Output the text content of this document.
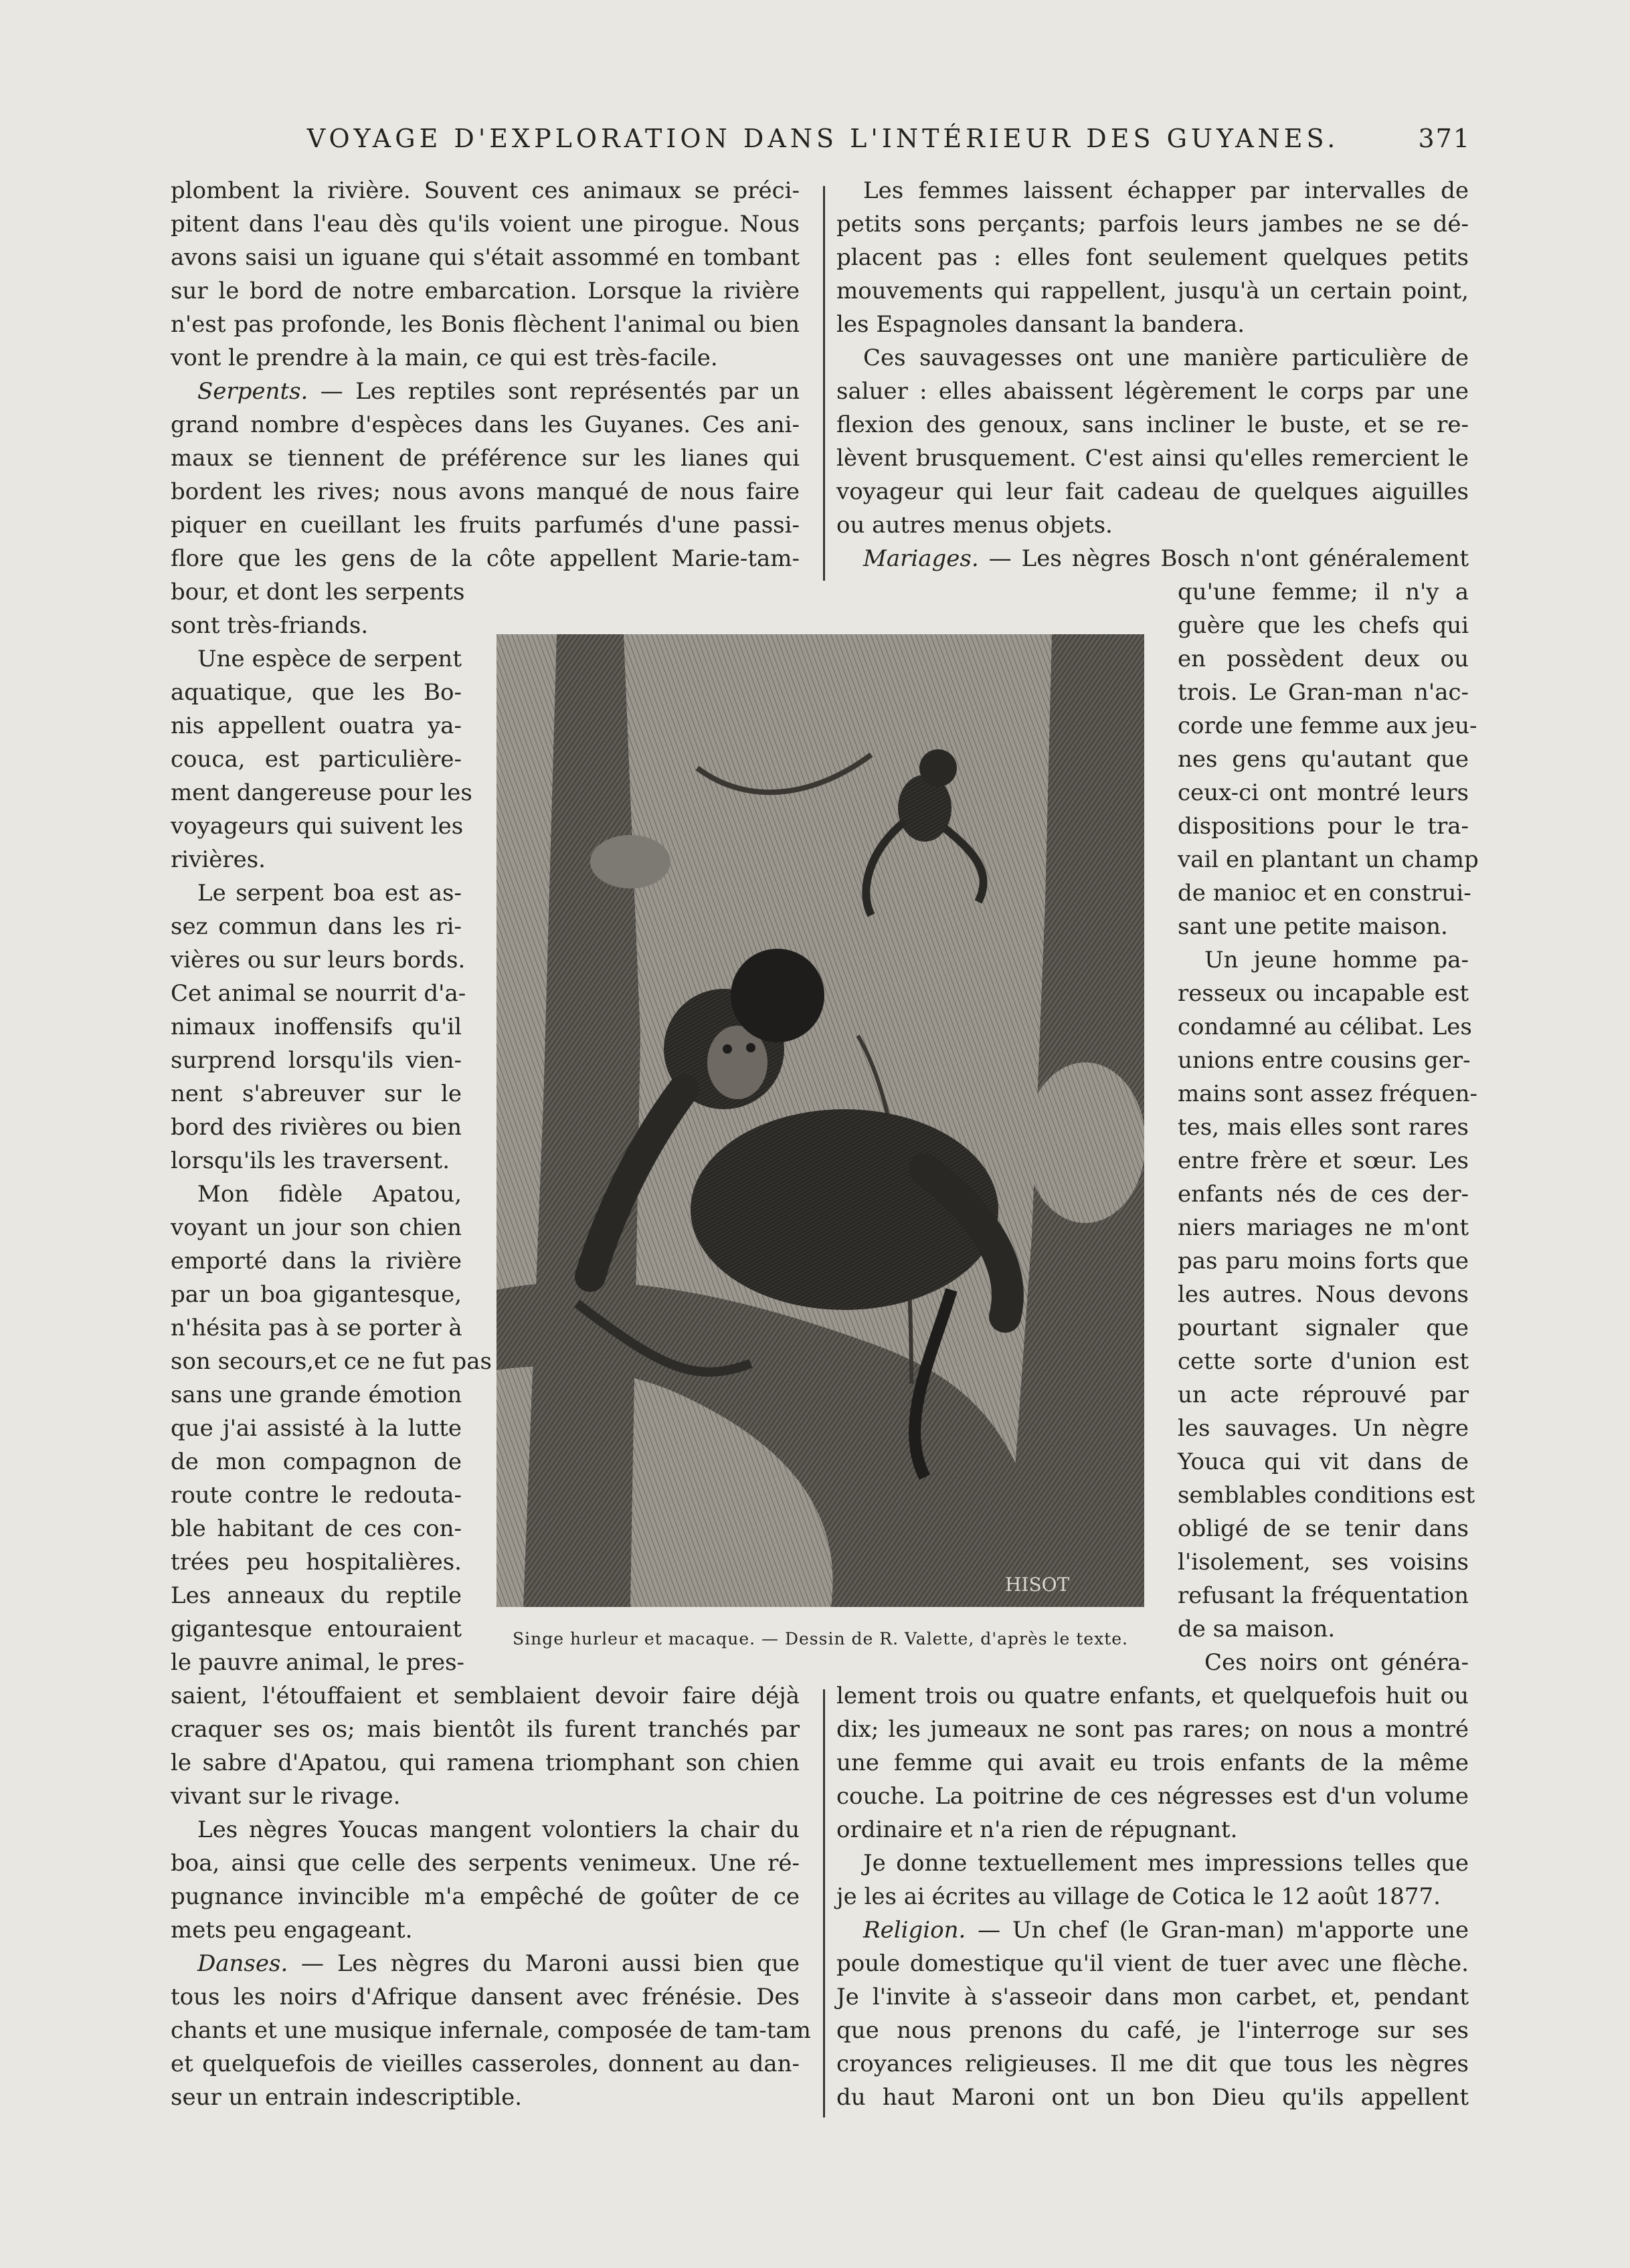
VOYAGE D'EXPLORATION DANS L'INTÉRIEUR DES GUYANES.	371
plombent la rivière. Souvent ces animaux se préci-
pitent dans l'eau dès qu'ils voient une pirogue. Nous
avons saisi un iguane qui s'était assommé en tombant
sur le bord de notre embarcation. Lorsque la rivière
n'est pas profonde, les Bonis flèchent l'animal ou bien
vont le prendre à la main, ce qui est très-facile.
Serpents. — Les reptiles sont représentés par un
grand nombre d'espèces dans les Guyanes. Ces ani-
maux se tiennent de préférence sur les lianes qui
bordent les rives; nous avons manqué de nous faire
piquer en cueillant les fruits parfumés d'une passi-
flore que les gens de la côte appellent Marie-tam-
bour, et dont les serpents
sont très-friands.
Une espèce de serpent
aquatique, que les Bo-
nis appellent ouatra ya-
couca, est particulière-
ment dangereuse pour les
voyageurs qui suivent les
rivières.
Le serpent boa est as-
sez commun dans les ri-
vières ou sur leurs bords.
Cet animal se nourrit d'a-
nimaux inoffensifs qu'il
surprend lorsqu'ils vien-
nent s'abreuver sur le
bord des rivières ou bien
lorsqu'ils les traversent.
Mon fidèle Apatou,
voyant un jour son chien
emporté dans la rivière
par un boa gigantesque,
n'hésita pas à se porter à
son secours,et ce ne fut pas
sans une grande émotion
que j'ai assisté à la lutte
de mon compagnon de
route contre le redouta-
ble habitant de ces con-
trées peu hospitalières.
Les anneaux du reptile
gigantesque entouraient
le pauvre animal, le pres-
saient, l'étouffaient et semblaient devoir faire déjà
craquer ses os; mais bientôt ils furent tranchés par
le sabre d'Apatou, qui ramena triomphant son chien
vivant sur le rivage.
Les nègres Youcas mangent volontiers la chair du
boa, ainsi que celle des serpents venimeux. Une ré-
pugnance invincible m'a empêché de goûter de ce
mets peu engageant.
Danses. — Les nègres du Maroni aussi bien que
tous les noirs d'Afrique dansent avec frénésie. Des
chants et une musique infernale, composée de tam-tam
et quelquefois de vieilles casseroles, donnent au dan-
seur un entrain indescriptible.
Les femmes laissent échapper par intervalles de
petits sons perçants; parfois leurs jambes ne se dé-
placent pas : elles font seulement quelques petits
mouvements qui rappellent, jusqu'à un certain point,
les Espagnoles dansant la bandera.
Ces sauvagesses ont une manière particulière de
saluer : elles abaissent légèrement le corps par une
flexion des genoux, sans incliner le buste, et se re-
lèvent brusquement. C'est ainsi qu'elles remercient le
voyageur qui leur fait cadeau de quelques aiguilles
ou autres menus objets.
Mariages. — Les nègres Bosch n'ont généralement
qu'une femme; il n'y a
guère que les chefs qui
en possèdent deux ou
trois. Le Gran-man n'ac-
corde une femme aux jeu-
nes gens qu'autant que
ceux-ci ont montré leurs
dispositions pour le tra-
vail en plantant un champ
de manioc et en construi-
sant une petite maison.
Un jeune homme pa-
resseux ou incapable est
condamné au célibat. Les
unions entre cousins ger-
mains sont assez fréquen-
tes, mais elles sont rares
entre frère et sœur. Les
enfants nés de ces der-
niers mariages ne m'ont
pas paru moins forts que
les autres. Nous devons
pourtant signaler que
cette sorte d'union est
un acte réprouvé par
les sauvages. Un nègre
Youca qui vit dans de
semblables conditions est
obligé de se tenir dans
l'isolement, ses voisins
refusant la fréquentation
de sa maison.
Ces noirs ont généra-
lement trois ou quatre enfants, et quelquefois huit ou
dix; les jumeaux ne sont pas rares; on nous a montré
une femme qui avait eu trois enfants de la même
couche. La poitrine de ces négresses est d'un volume
ordinaire et n'a rien de répugnant.
Je donne textuellement mes impressions telles que
je les ai écrites au village de Cotica le 12 août 1877.
Religion. — Un chef (le Gran-man) m'apporte une
poule domestique qu'il vient de tuer avec une flèche.
Je l'invite à s'asseoir dans mon carbet, et, pendant
que nous prenons du café, je l'interroge sur ses
croyances religieuses. Il me dit que tous les nègres
du haut Maroni ont un bon Dieu qu'ils appellent
HISOT
Singe hurleur et macaque. — Dessin de R. Valette, d'après le texte.
